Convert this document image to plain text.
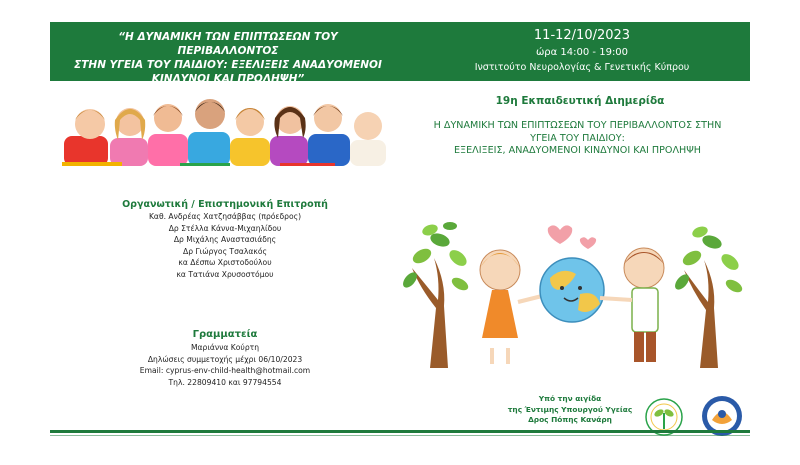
“Η ΔΥΝΑΜΙΚΗ ΤΩΝ ΕΠΙΠΤΩΣΕΩΝ ΤΟΥ ΠΕΡΙΒΑΛΛΟΝΤΟΣ
ΣΤΗΝ ΥΓΕΙΑ ΤΟΥ ΠΑΙΔΙΟΥ: ΕΞΕΛΙΞΕΙΣ ΑΝΑΔΥΟΜΕΝΟΙ
ΚΙΝΔΥΝΟΙ ΚΑΙ ΠΡΟΛΗΨΗ”
11-12/10/2023
ώρα 14:00 - 19:00
Ινστιτούτο Νευρολογίας & Γενετικής Κύπρου
19η Εκπαιδευτική Διημερίδα
Η ΔΥΝΑΜΙΚΗ ΤΩΝ ΕΠΙΠΤΩΣΕΩΝ ΤΟΥ ΠΕΡΙΒΑΛΛΟΝΤΟΣ ΣΤΗΝ
ΥΓΕΙΑ ΤΟΥ ΠΑΙΔΙΟΥ:
ΕΞΕΛΙΞΕΙΣ, ΑΝΑΔΥΟΜΕΝΟΙ ΚΙΝΔΥΝΟΙ ΚΑΙ ΠΡΟΛΗΨΗ
Οργανωτική / Επιστημονική Επιτροπή
Καθ. Ανδρέας Χατζησάββας (πρόεδρος)
Δρ Στέλλα Κάννα-Μιχαηλίδου
Δρ Μιχάλης Αναστασιάδης
Δρ Γιώργος Τσαλακός
κα Δέσπω Χριστοδούλου
κα Τατιάνα Χρυσοστόμου
Γραμματεία
Μαριάννα Κούρτη
Δηλώσεις συμμετοχής μέχρι 06/10/2023
Email: cyprus-env-child-health@hotmail.com
Τηλ. 22809410 και 97794554
Υπό την αιγίδα
της Έντιμης Υπουργού Υγείας
Δρος Πόπης Κανάρη
